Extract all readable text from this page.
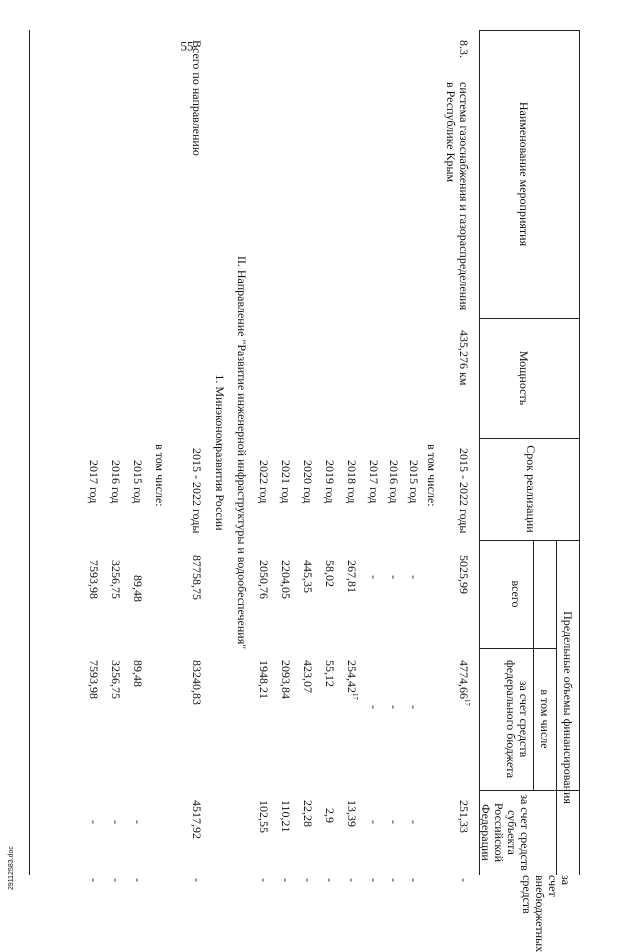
29112583.doc
55
Наименование мероприятия
Мощность
Срок реализации
всего
Предельные объемы финансирования
в том числе
за счет средств федерального бюджета
за счет средств субъекта Российской Федерации
за счет внебюджетных средств
8.3.
система газоснабжения и газораспределения в Республике Крым
435,276 км
2015 - 2022 годы
5025,99
4774,66$^{17}$
251,33
-
в том числе:
2015 год
-
-
-
-
2016 год
-
-
-
-
2017 год
-
-
-
-
2018 год
267,81
254,42$^{17}$
13,39
-
2019 год
58,02
55,12
2,9
-
2020 год
445,35
423,07
22,28
-
2021 год
2204,05
2093,84
110,21
-
2022 год
2050,76
1948,21
102,55
-
II. Направление "Развитие инженерной инфраструктуры и водообеспечения"
1. Минэкономразвития России
Всего по направлению
2015 - 2022 годы
87758,75
83240,83
4517,92
-
в том числе:
2015 год
89,48
89,48
-
-
2016 год
3256,75
3256,75
-
-
2017 год
7593,98
7593,98
-
-
